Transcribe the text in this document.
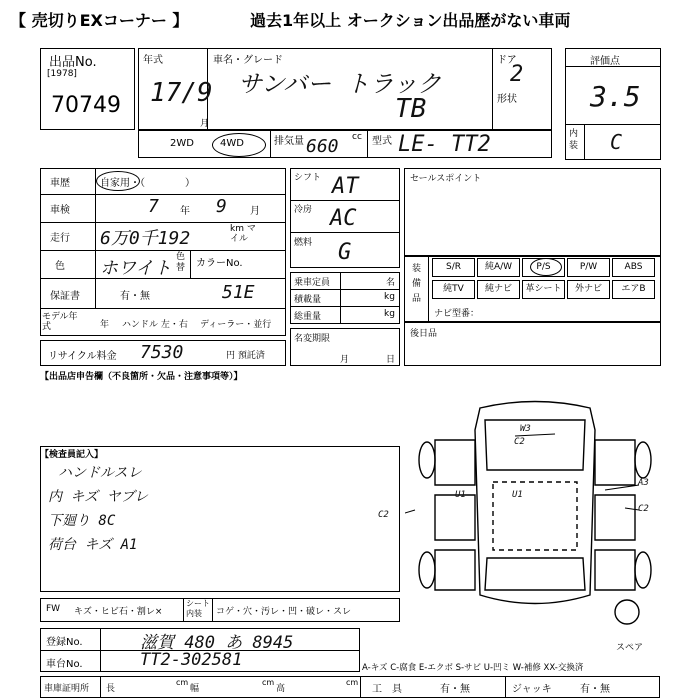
【 売切りEXコーナー 】	過去1年以上 オークション出品歴がない車両
出品No.
[1978]
70749
年式
17/9
月
車名・グレード
サンバー トラック
TB
ドア
2
形状
評価点
3.5
内装 C
2WD	4WD	排気量 660 cc 型式 LE- TT2
車歴	自家用・（　　　　）
車検	7 年 9 月
走行 6万0千192	km マイル
色 ホワイト
色替 カラーNo.
保証書	有・無	51E
モデル年式	年 ハンドル 左・右 ディーラー・並行
リサイクル料金 7530	円 預託済
シフト AT
冷房 AC
燃料 G
乗車定員	名
積載量	kg
総重量	kg
名変期限
月	日
セールスポイント
装備品
S/R	純A/W	P/S	P/W	ABS
純TV	純ナビ	革シート	外ナビ	エアB
ナビ型番：
後日品
【出品店申告欄（不良箇所・欠品・注意事項等）】
【検査員記入】
ハンドルスレ
内 キズ ヤブレ
下廻り 8C
荷台 キズ A1
W3
C2
U1	U1
A3
C2
C2
スペア
FW キズ・ヒビ石・割レ×
シート内装	コゲ・穴・汚レ・凹・破レ・スレ
登録No.	滋賀 480 あ 8945
車台No.	TT2-302581	A-キズ C-腐食 E-エクボ S-サビ U-凹ミ W-補修 XX-交換済
車庫証明所 長
cm
幅
cm
高
cm
工　具	有・無	ジャッキ	有・無
